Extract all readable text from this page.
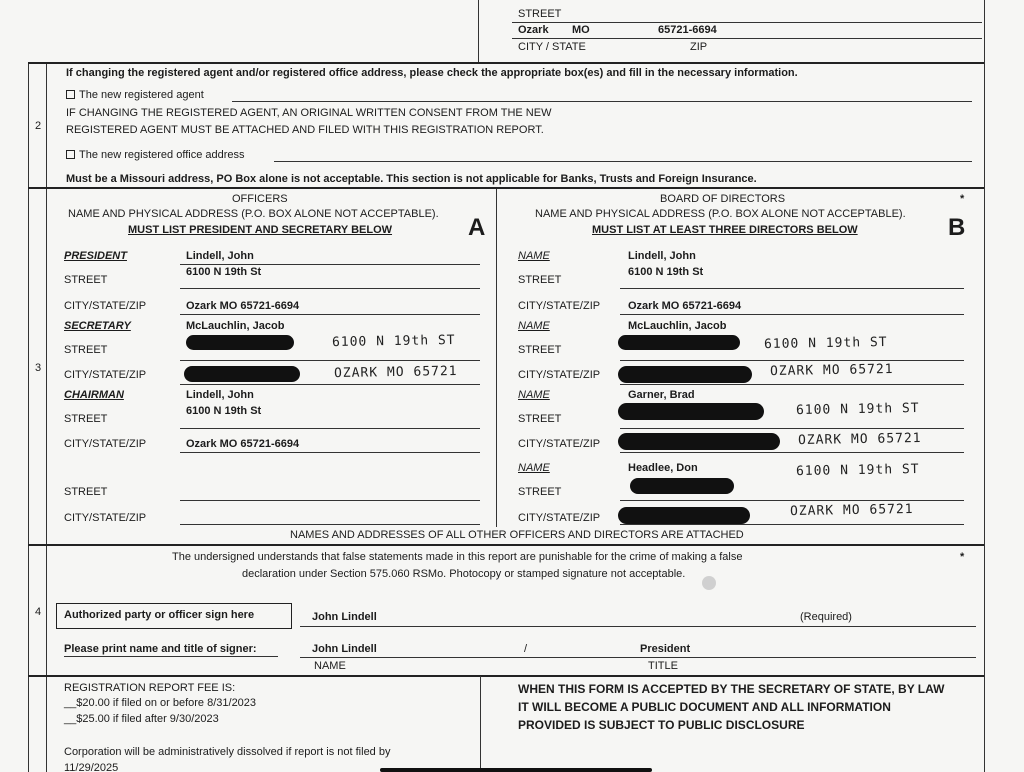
STREET
Ozark MO	65721-6694
CITY / STATE	ZIP
2
If changing the registered agent and/or registered office address, please check the appropriate box(es) and fill in the necessary information.
The new registered agent
IF CHANGING THE REGISTERED AGENT, AN ORIGINAL WRITTEN CONSENT FROM THE NEW
REGISTERED AGENT MUST BE ATTACHED AND FILED WITH THIS REGISTRATION REPORT.
The new registered office address
Must be a Missouri address, PO Box alone is not acceptable. This section is not applicable for Banks, Trusts and Foreign Insurance.
3
OFFICERS
NAME AND PHYSICAL ADDRESS (P.O. BOX ALONE NOT ACCEPTABLE).
MUST LIST PRESIDENT AND SECRETARY BELOW	A
BOARD OF DIRECTORS	*
NAME AND PHYSICAL ADDRESS (P.O. BOX ALONE NOT ACCEPTABLE).
MUST LIST AT LEAST THREE DIRECTORS BELOW	B
PRESIDENT	Lindell, John
STREET
6100 N 19th St
CITY/STATE/ZIP	Ozark MO 65721-6694
SECRETARY	McLauchlin, Jacob
STREET	6100 N 19th ST
CITY/STATE/ZIP	OZARK MO 65721
CHAIRMAN	Lindell, John
STREET
6100 N 19th St
CITY/STATE/ZIP	Ozark MO 65721-6694
STREET
CITY/STATE/ZIP
NAME	Lindell, John
STREET
6100 N 19th St
CITY/STATE/ZIP	Ozark MO 65721-6694
NAME	McLauchlin, Jacob
STREET	6100 N 19th ST
CITY/STATE/ZIP	OZARK MO 65721
NAME	Garner, Brad
STREET
6100 N 19th ST
CITY/STATE/ZIP	OZARK MO 65721
NAME	Headlee, Don
STREET
6100 N 19th ST
CITY/STATE/ZIP	OZARK MO 65721
NAMES AND ADDRESSES OF ALL OTHER OFFICERS AND DIRECTORS ARE ATTACHED
4
*
The undersigned understands that false statements made in this report are punishable for the crime of making a false
declaration under Section 575.060 RSMo. Photocopy or stamped signature not acceptable.
Authorized party or officer sign here	John Lindell	(Required)
Please print name and title of signer:	John Lindell	/	President
NAME	TITLE
REGISTRATION REPORT FEE IS:
__$20.00 if filed on or before 8/31/2023
__$25.00 if filed after 9/30/2023
Corporation will be administratively dissolved if report is not filed by
11/29/2025
WHEN THIS FORM IS ACCEPTED BY THE SECRETARY OF STATE, BY LAW
IT WILL BECOME A PUBLIC DOCUMENT AND ALL INFORMATION
PROVIDED IS SUBJECT TO PUBLIC DISCLOSURE
